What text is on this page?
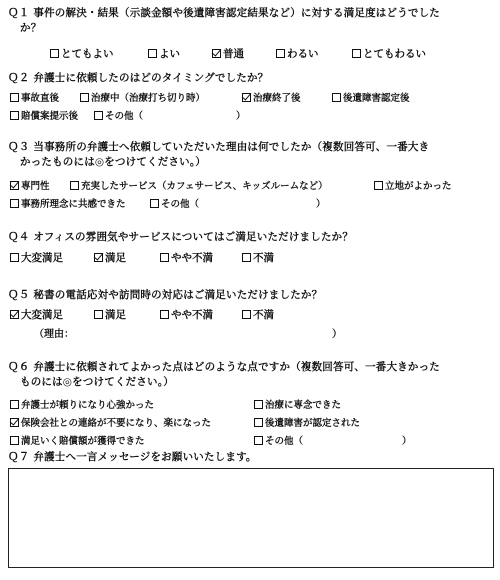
Ｑ１ 事件の解決・結果（示談金額や後遺障害認定結果など）に対する満足度はどうでした
か？
とてもよい	よい	普通	わるい	とてもわるい
Ｑ２ 弁護士に依頼したのはどのタイミングでしたか？
事故直後	治療中（治療打ち切り時）	治療終了後	後遺障害認定後
賠償案提示後	その他（	）
Ｑ３ 当事務所の弁護士へ依頼していただいた理由は何でしたか（複数回答可、一番大き
かったものには◎をつけてください。）
専門性	充実したサービス（カフェサービス、キッズルームなど）	立地がよかった
事務所理念に共感できた	その他（	）
Ｑ４ オフィスの雰囲気やサービスについてはご満足いただけましたか？
大変満足	満足	やや不満	不満
Ｑ５ 秘書の電話応対や訪問時の対応はご満足いただけましたか？
大変満足	満足	やや不満	不満
（理由：	）
Ｑ６ 弁護士に依頼されてよかった点はどのような点ですか（複数回答可、一番大きかった
ものには◎をつけてください。）
弁護士が頼りになり心強かった	治療に専念できた
保険会社との連絡が不要になり、楽になった	後遺障害が認定された
満足いく賠償額が獲得できた	その他（	）
Ｑ７ 弁護士へ一言メッセージをお願いいたします。
